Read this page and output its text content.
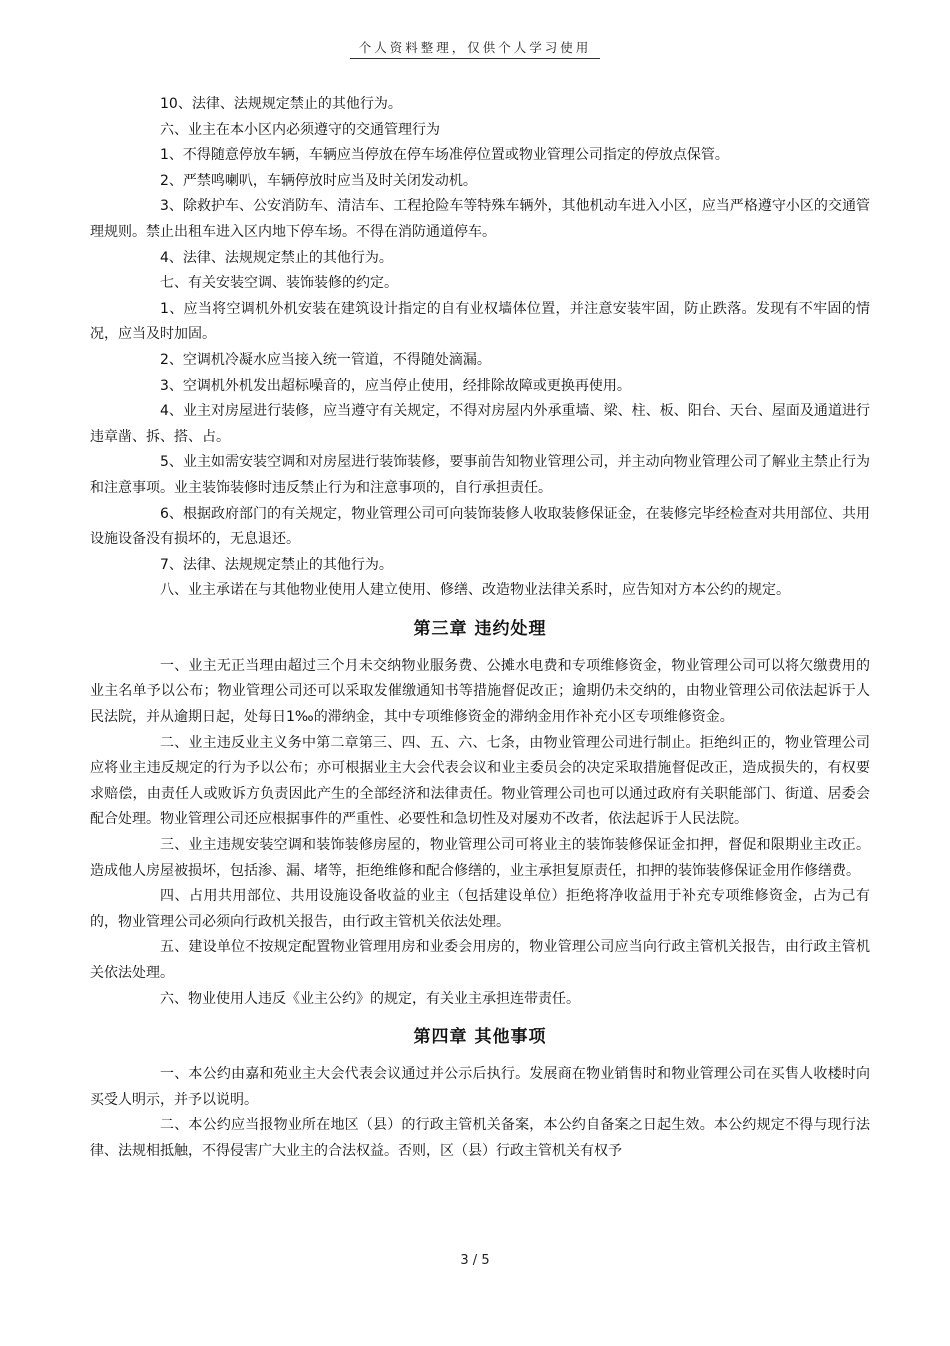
个人资料整理，仅供个人学习使用

10、法律、法规规定禁止的其他行为。

六、业主在本小区内必须遵守的交通管理行为

1、不得随意停放车辆，车辆应当停放在停车场准停位置或物业管理公司指定的停放点保管。

2、严禁鸣喇叭，车辆停放时应当及时关闭发动机。

3、除救护车、公安消防车、清洁车、工程抢险车等特殊车辆外，其他机动车进入小区，应当严格遵守小区的交通管理规则。禁止出租车进入区内地下停车场。不得在消防通道停车。

4、法律、法规规定禁止的其他行为。

七、有关安装空调、装饰装修的约定。

1、应当将空调机外机安装在建筑设计指定的自有业权墙体位置，并注意安装牢固，防止跌落。发现有不牢固的情况，应当及时加固。

2、空调机冷凝水应当接入统一管道，不得随处滴漏。

3、空调机外机发出超标噪音的，应当停止使用，经排除故障或更换再使用。

4、业主对房屋进行装修，应当遵守有关规定，不得对房屋内外承重墙、梁、柱、板、阳台、天台、屋面及通道进行违章凿、拆、搭、占。

5、业主如需安装空调和对房屋进行装饰装修，要事前告知物业管理公司，并主动向物业管理公司了解业主禁止行为和注意事项。业主装饰装修时违反禁止行为和注意事项的，自行承担责任。

6、根据政府部门的有关规定，物业管理公司可向装饰装修人收取装修保证金，在装修完毕经检查对共用部位、共用设施设备没有损坏的，无息退还。

7、法律、法规规定禁止的其他行为。

八、业主承诺在与其他物业使用人建立使用、修缮、改造物业法律关系时，应告知对方本公约的规定。

第三章 违约处理

一、业主无正当理由超过三个月未交纳物业服务费、公摊水电费和专项维修资金，物业管理公司可以将欠缴费用的业主名单予以公布；物业管理公司还可以采取发催缴通知书等措施督促改正；逾期仍未交纳的，由物业管理公司依法起诉于人民法院，并从逾期日起，处每日1‰的滞纳金，其中专项维修资金的滞纳金用作补充小区专项维修资金。

二、业主违反业主义务中第二章第三、四、五、六、七条，由物业管理公司进行制止。拒绝纠正的，物业管理公司应将业主违反规定的行为予以公布；亦可根据业主大会代表会议和业主委员会的决定采取措施督促改正，造成损失的，有权要求赔偿，由责任人或败诉方负责因此产生的全部经济和法律责任。物业管理公司也可以通过政府有关职能部门、街道、居委会配合处理。物业管理公司还应根据事件的严重性、必要性和急切性及对屡劝不改者，依法起诉于人民法院。

三、业主违规安装空调和装饰装修房屋的，物业管理公司可将业主的装饰装修保证金扣押，督促和限期业主改正。造成他人房屋被损坏，包括渗、漏、堵等，拒绝维修和配合修缮的，业主承担复原责任，扣押的装饰装修保证金用作修缮费。

四、占用共用部位、共用设施设备收益的业主（包括建设单位）拒绝将净收益用于补充专项维修资金，占为己有的，物业管理公司必须向行政机关报告，由行政主管机关依法处理。

五、建设单位不按规定配置物业管理用房和业委会用房的，物业管理公司应当向行政主管机关报告，由行政主管机关依法处理。

六、物业使用人违反《业主公约》的规定，有关业主承担连带责任。

第四章 其他事项

一、本公约由嘉和苑业主大会代表会议通过并公示后执行。发展商在物业销售时和物业管理公司在买售人收楼时向买受人明示，并予以说明。

二、本公约应当报物业所在地区（县）的行政主管机关备案，本公约自备案之日起生效。本公约规定不得与现行法律、法规相抵触，不得侵害广大业主的合法权益。否则，区（县）行政主管机关有权予

3 / 5
